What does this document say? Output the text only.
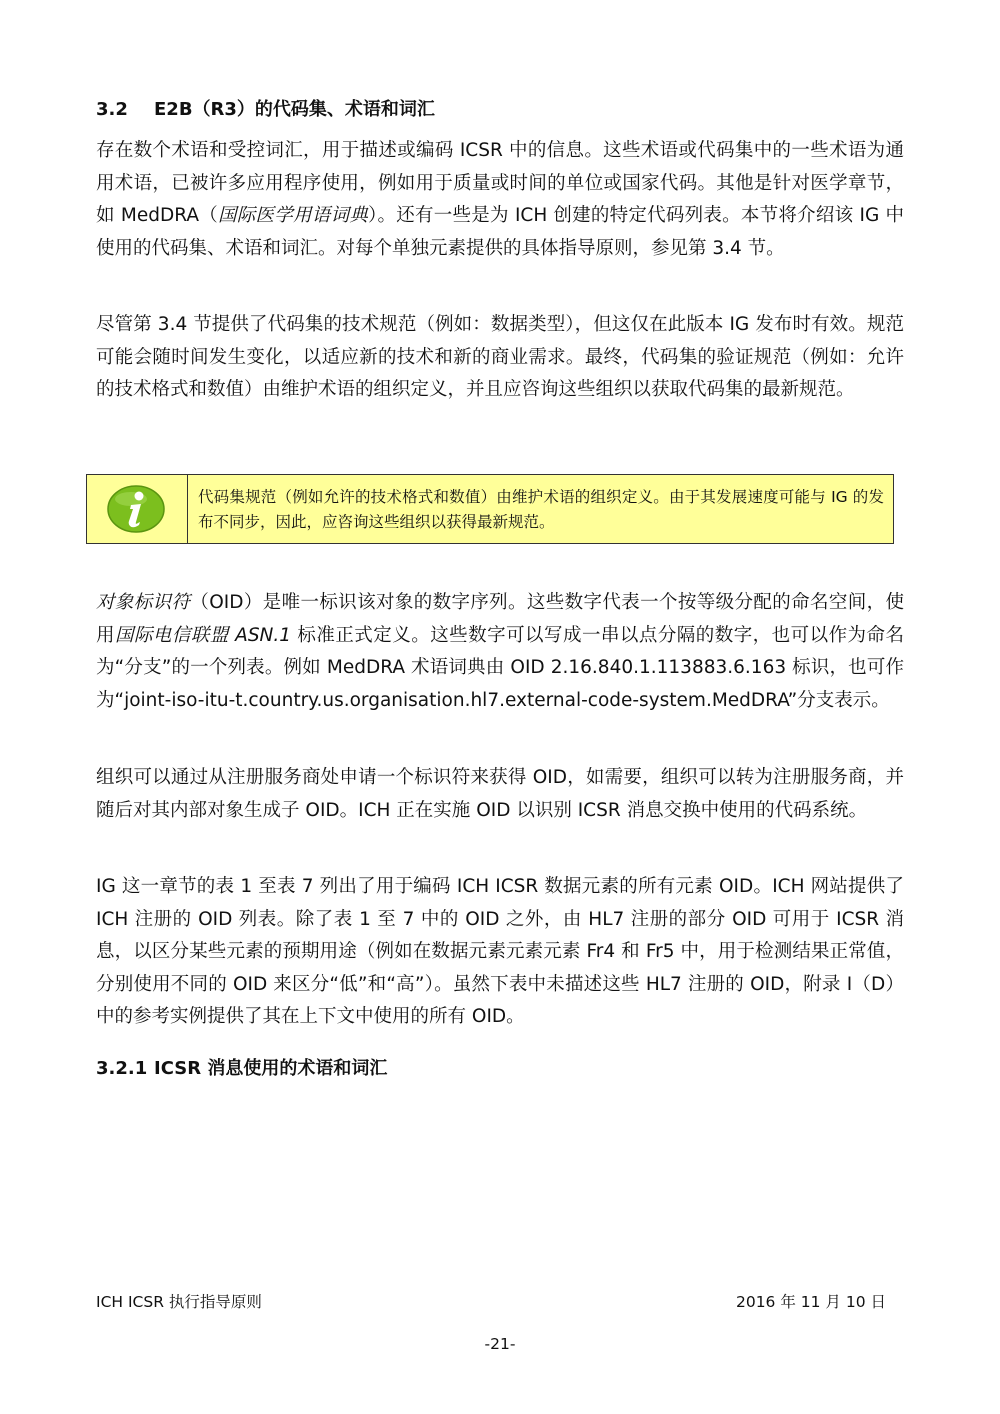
3.2 E2B（R3）的代码集、术语和词汇
存在数个术语和受控词汇，用于描述或编码 ICSR 中的信息。这些术语或代码集中的一些术语为通用术语，已被许多应用程序使用，例如用于质量或时间的单位或国家代码。其他是针对医学章节，如 MedDRA（国际医学用语词典）。还有一些是为 ICH 创建的特定代码列表。本节将介绍该 IG 中使用的代码集、术语和词汇。对每个单独元素提供的具体指导原则，参见第 3.4 节。
尽管第 3.4 节提供了代码集的技术规范（例如：数据类型），但这仅在此版本 IG 发布时有效。规范可能会随时间发生变化，以适应新的技术和新的商业需求。最终，代码集的验证规范（例如：允许的技术格式和数值）由维护术语的组织定义，并且应咨询这些组织以获取代码集的最新规范。
代码集规范（例如允许的技术格式和数值）由维护术语的组织定义。由于其发展速度可能与 IG 的发布不同步，因此，应咨询这些组织以获得最新规范。
对象标识符（OID）是唯一标识该对象的数字序列。这些数字代表一个按等级分配的命名空间，使用国际电信联盟 ASN.1 标准正式定义。这些数字可以写成一串以点分隔的数字，也可以作为命名为“分支”的一个列表。例如 MedDRA 术语词典由 OID 2.16.840.1.113883.6.163 标识，也可作为“joint-iso-itu-t.country.us.organisation.hl7.external-code-system.MedDRA”分支表示。
组织可以通过从注册服务商处申请一个标识符来获得 OID，如需要，组织可以转为注册服务商，并随后对其内部对象生成子 OID。ICH 正在实施 OID 以识别 ICSR 消息交换中使用的代码系统。
IG 这一章节的表 1 至表 7 列出了用于编码 ICH ICSR 数据元素的所有元素 OID。ICH 网站提供了 ICH 注册的 OID 列表。除了表 1 至 7 中的 OID 之外，由 HL7 注册的部分 OID 可用于 ICSR 消息，以区分某些元素的预期用途（例如在数据元素元素元素 Fr4 和 Fr5 中，用于检测结果正常值，分别使用不同的 OID 来区分“低”和“高”）。虽然下表中未描述这些 HL7 注册的 OID，附录 I（D）中的参考实例提供了其在上下文中使用的所有 OID。
3.2.1 ICSR 消息使用的术语和词汇
ICH ICSR 执行指导原则	2016 年 11 月 10 日
-21-
